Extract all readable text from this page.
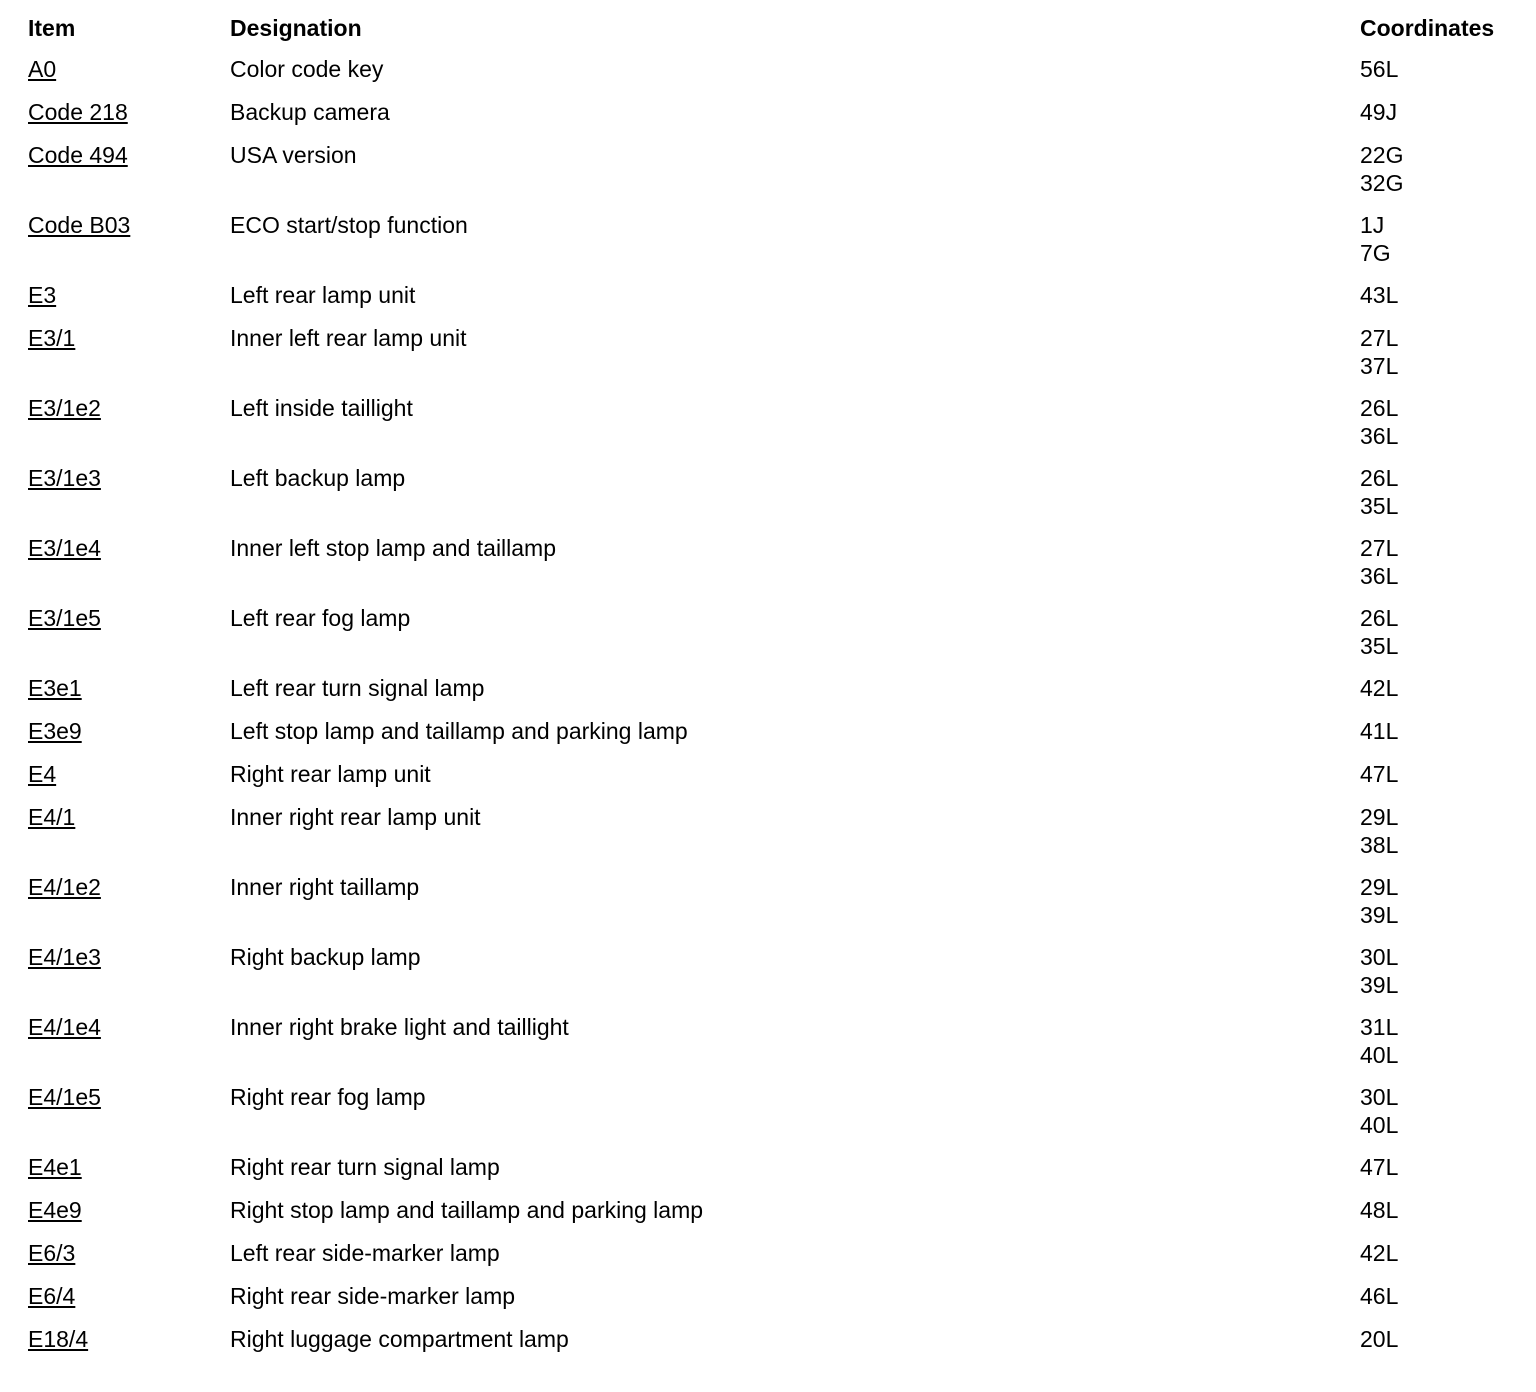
Item	Designation	Coordinates
A0	Color code key	56L
Code 218	Backup camera	49J
Code 494	USA version	22G
32G
Code B03	ECO start/stop function	1J
7G
E3	Left rear lamp unit	43L
E3/1	Inner left rear lamp unit	27L
37L
E3/1e2	Left inside taillight	26L
36L
E3/1e3	Left backup lamp	26L
35L
E3/1e4	Inner left stop lamp and taillamp	27L
36L
E3/1e5	Left rear fog lamp	26L
35L
E3e1	Left rear turn signal lamp	42L
E3e9	Left stop lamp and taillamp and parking lamp	41L
E4	Right rear lamp unit	47L
E4/1	Inner right rear lamp unit	29L
38L
E4/1e2	Inner right taillamp	29L
39L
E4/1e3	Right backup lamp	30L
39L
E4/1e4	Inner right brake light and taillight	31L
40L
E4/1e5	Right rear fog lamp	30L
40L
E4e1	Right rear turn signal lamp	47L
E4e9	Right stop lamp and taillamp and parking lamp	48L
E6/3	Left rear side-marker lamp	42L
E6/4	Right rear side-marker lamp	46L
E18/4	Right luggage compartment lamp	20L
